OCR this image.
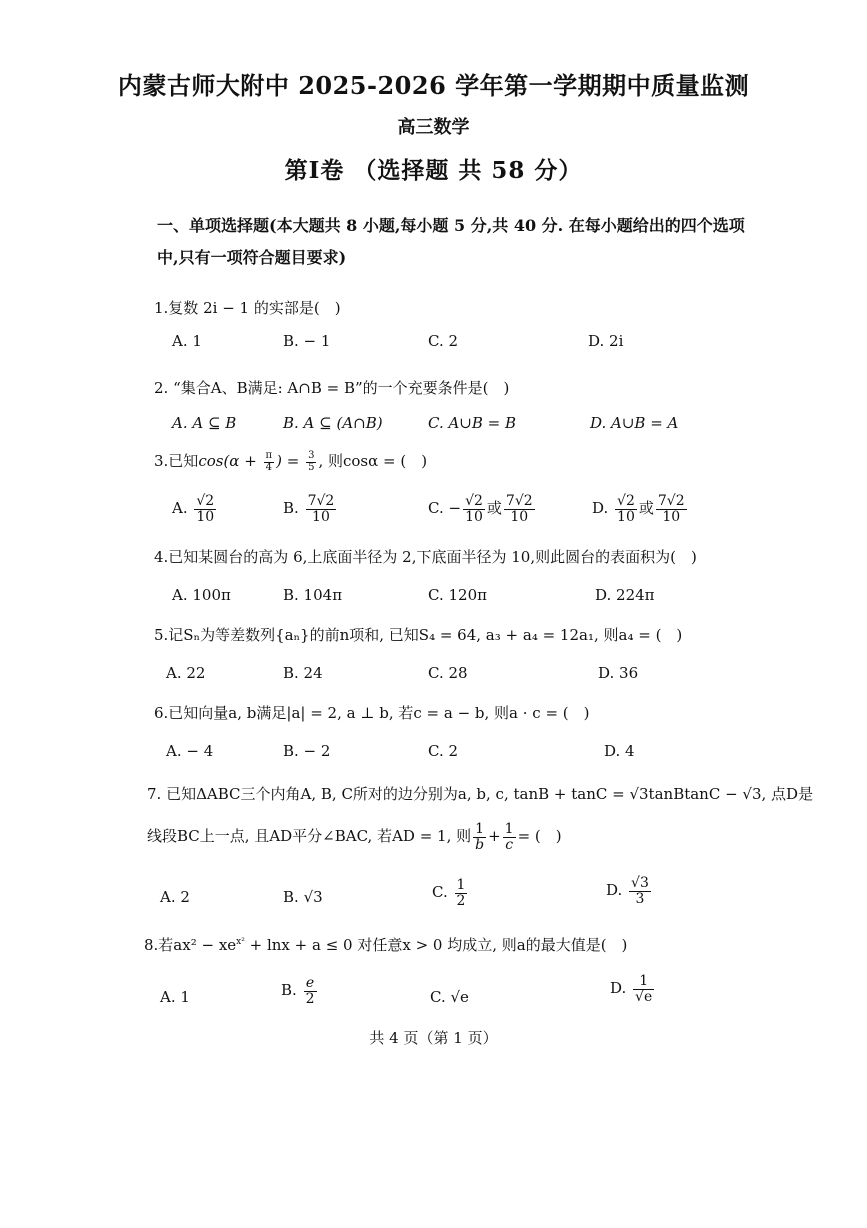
内蒙古师大附中 2025-2026 学年第一学期期中质量监测
高三数学
第Ⅰ卷 （选择题 共 58 分）
一、单项选择题(本大题共 8 小题,每小题 5 分,共 40 分. 在每小题给出的四个选项
中,只有一项符合题目要求)
1.复数 2i − 1 的实部是(　)
A. 1	B. − 1	C. 2	D. 2i
2. “集合A、B满足: A∩B = B”的一个充要条件是(　)
A. A ⊆ B	B. A ⊆ (A∩B)	C. A∪B = B	D. A∪B = A
3.已知$\cos(\alpha + \frac{\pi}{4}$ ) = $\frac{3}{5}$ , 则cosα = (　)
A. $\frac{√2}{10}$	B. $\frac{7√2}{10}$	C. − $\frac{√2}{10}$ 或 $\frac{7√2}{10}$	D. $\frac{√2}{10}$ 或 $\frac{7√2}{10}$
4.已知某圆台的高为 6,上底面半径为 2,下底面半径为 10,则此圆台的表面积为(　)
A. 100π	B. 104π	C. 120π	D. 224π
5.记Sₙ为等差数列{aₙ}的前n项和, 已知S₄ = 64, a₃ + a₄ = 12a₁, 则a₄ = (　)
A. 22	B. 24	C. 28	D. 36
6.已知向量a, b满足|a| = 2, a ⊥ b, 若c = a − b, 则a · c = (　)
A. − 4	B. − 2	C. 2	D. 4
7. 已知ΔABC三个内角A, B, C所对的边分别为a, b, c, tanB + tanC = √3tanBtanC − √3, 点D是
线段BC上一点, 且AD平分∠BAC, 若AD = 1, 则 $\frac{1}{b} + \frac{1}{c}$ = (　)
A. 2	B. √3	C. $\frac{1}{2}$	D. $\frac{√3}{3}$
8.若$ax^2 - xe^{x^2} + \ln x + a \le 0$ 对任意x > 0 均成立, 则a的最大值是(　)
A. 1	B. $\frac{e}{2}$	C. √e	D. $\frac{1}{√e}$
共 4 页（第 1 页）
